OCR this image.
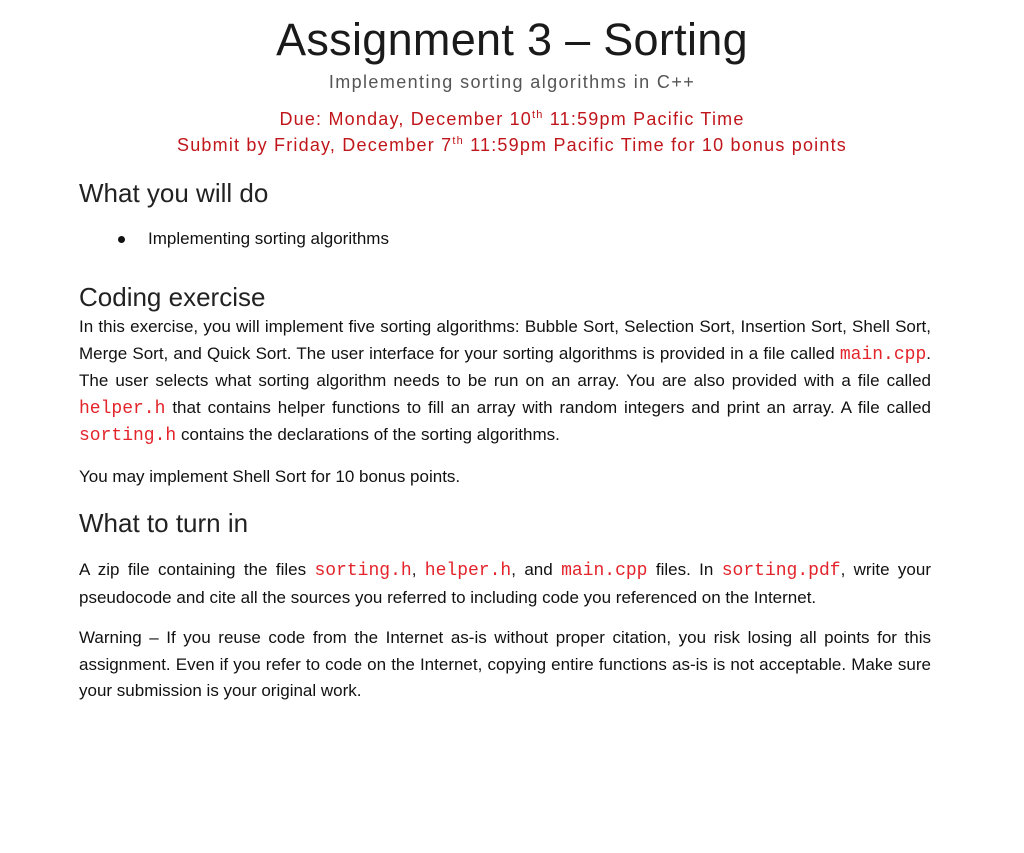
Assignment 3 – Sorting
Implementing sorting algorithms in C++
Due: Monday, December 10th 11:59pm Pacific Time
Submit by Friday, December 7th 11:59pm Pacific Time for 10 bonus points
What you will do
Implementing sorting algorithms
Coding exercise

In this exercise, you will implement five sorting algorithms: Bubble Sort, Selection Sort, Insertion Sort, Shell Sort, Merge Sort, and Quick Sort. The user interface for your sorting algorithms is provided in a file called main.cpp. The user selects what sorting algorithm needs to be run on an array. You are also provided with a file called helper.h that contains helper functions to fill an array with random integers and print an array. A file called sorting.h contains the declarations of the sorting algorithms.

You may implement Shell Sort for 10 bonus points.

What to turn in

A zip file containing the files sorting.h, helper.h, and main.cpp files. In sorting.pdf, write your pseudocode and cite all the sources you referred to including code you referenced on the Internet.

Warning – If you reuse code from the Internet as-is without proper citation, you risk losing all points for this assignment. Even if you refer to code on the Internet, copying entire functions as-is is not acceptable. Make sure your submission is your original work.
